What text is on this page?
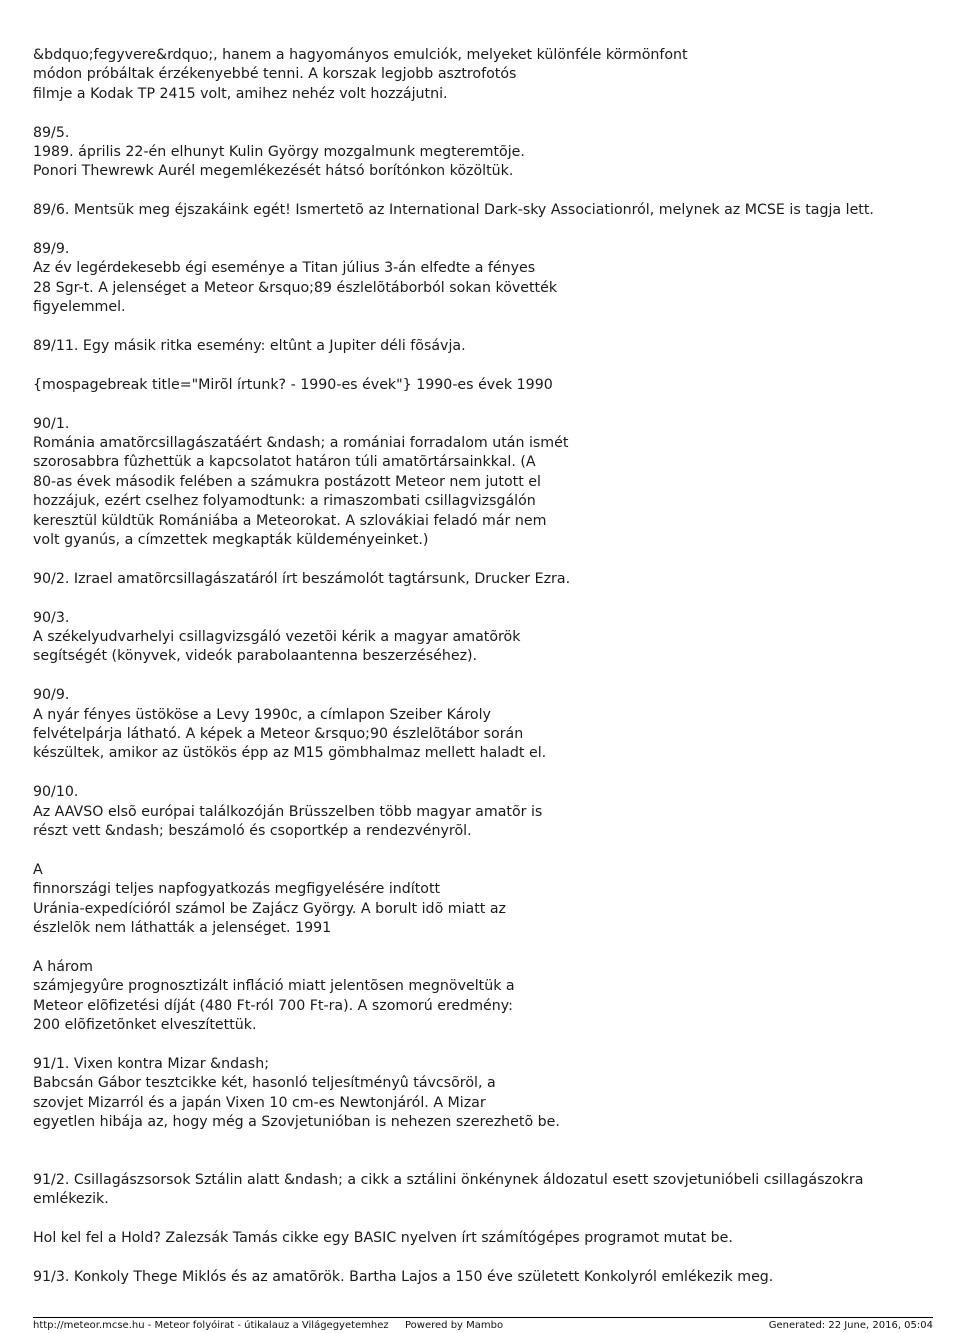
&bdquo;fegyvere&rdquo;, hanem a hagyományos emulciók, melyeket különféle körmönfont
módon próbáltak érzékenyebbé tenni. A korszak legjobb asztrofotós
filmje a Kodak TP 2415 volt, amihez nehéz volt hozzájutni.
89/5.
1989. április 22-én elhunyt Kulin György mozgalmunk megteremtõje.
Ponori Thewrewk Aurél megemlékezését hátsó borítónkon közöltük.
89/6. Mentsük meg éjszakáink egét! Ismertetõ az International Dark-sky Associationról, melynek az MCSE is tagja lett.
89/9.
Az év legérdekesebb égi eseménye a Titan július 3-án elfedte a fényes
28 Sgr-t. A jelenséget a Meteor &rsquo;89 észlelõtáborból sokan követték
figyelemmel.
89/11. Egy másik ritka esemény: eltûnt a Jupiter déli fõsávja.
{mospagebreak title="Mirõl írtunk? - 1990-es évek"} 1990-es évek 1990
90/1.
Románia amatõrcsillagászatáért &ndash; a romániai forradalom után ismét
szorosabbra fûzhettük a kapcsolatot határon túli amatõrtársainkkal. (A
80-as évek második felében a számukra postázott Meteor nem jutott el
hozzájuk, ezért cselhez folyamodtunk: a rimaszombati csillagvizsgálón
keresztül küldtük Romániába a Meteorokat. A szlovákiai feladó már nem
volt gyanús, a címzettek megkapták küldeményeinket.)
90/2. Izrael amatõrcsillagászatáról írt beszámolót tagtársunk, Drucker Ezra.
90/3.
A székelyudvarhelyi csillagvizsgáló vezetõi kérik a magyar amatõrök
segítségét (könyvek, videók parabolaantenna beszerzéséhez).
90/9.
A nyár fényes üstököse a Levy 1990c, a címlapon Szeiber Károly
felvételpárja látható. A képek a Meteor &rsquo;90 észlelõtábor során
készültek, amikor az üstökös épp az M15 gömbhalmaz mellett haladt el.
90/10.
Az AAVSO elsõ európai találkozóján Brüsszelben több magyar amatõr is
részt vett &ndash; beszámoló és csoportkép a rendezvényrõl.
A
finnországi teljes napfogyatkozás megfigyelésére indított
Uránia-expedícióról számol be Zajácz György. A borult idõ miatt az
észlelõk nem láthatták a jelenséget. 1991
A három
számjegyûre prognosztizált infláció miatt jelentõsen megnöveltük a
Meteor elõfizetési díját (480 Ft-ról 700 Ft-ra). A szomorú eredmény:
200 elõfizetõnket elveszítettük.
91/1. Vixen kontra Mizar &ndash;
Babcsán Gábor tesztcikke két, hasonló teljesítményû távcsõröl, a
szovjet Mizarról és a japán Vixen 10 cm-es Newtonjáról. A Mizar
egyetlen hibája az, hogy még a Szovjetunióban is nehezen szerezhetõ be.
91/2. Csillagászsorsok Sztálin alatt &ndash; a cikk a sztálini önkénynek áldozatul esett szovjetunióbeli csillagászokra
emlékezik.
Hol kel fel a Hold? Zalezsák Tamás cikke egy BASIC nyelven írt számítógépes programot mutat be.
91/3. Konkoly Thege Miklós és az amatõrök. Bartha Lajos a 150 éve született Konkolyról emlékezik meg.
http://meteor.mcse.hu - Meteor folyóirat - útikalauz a Világegyetemhez Powered by Mambo	Generated: 22 June, 2016, 05:04
